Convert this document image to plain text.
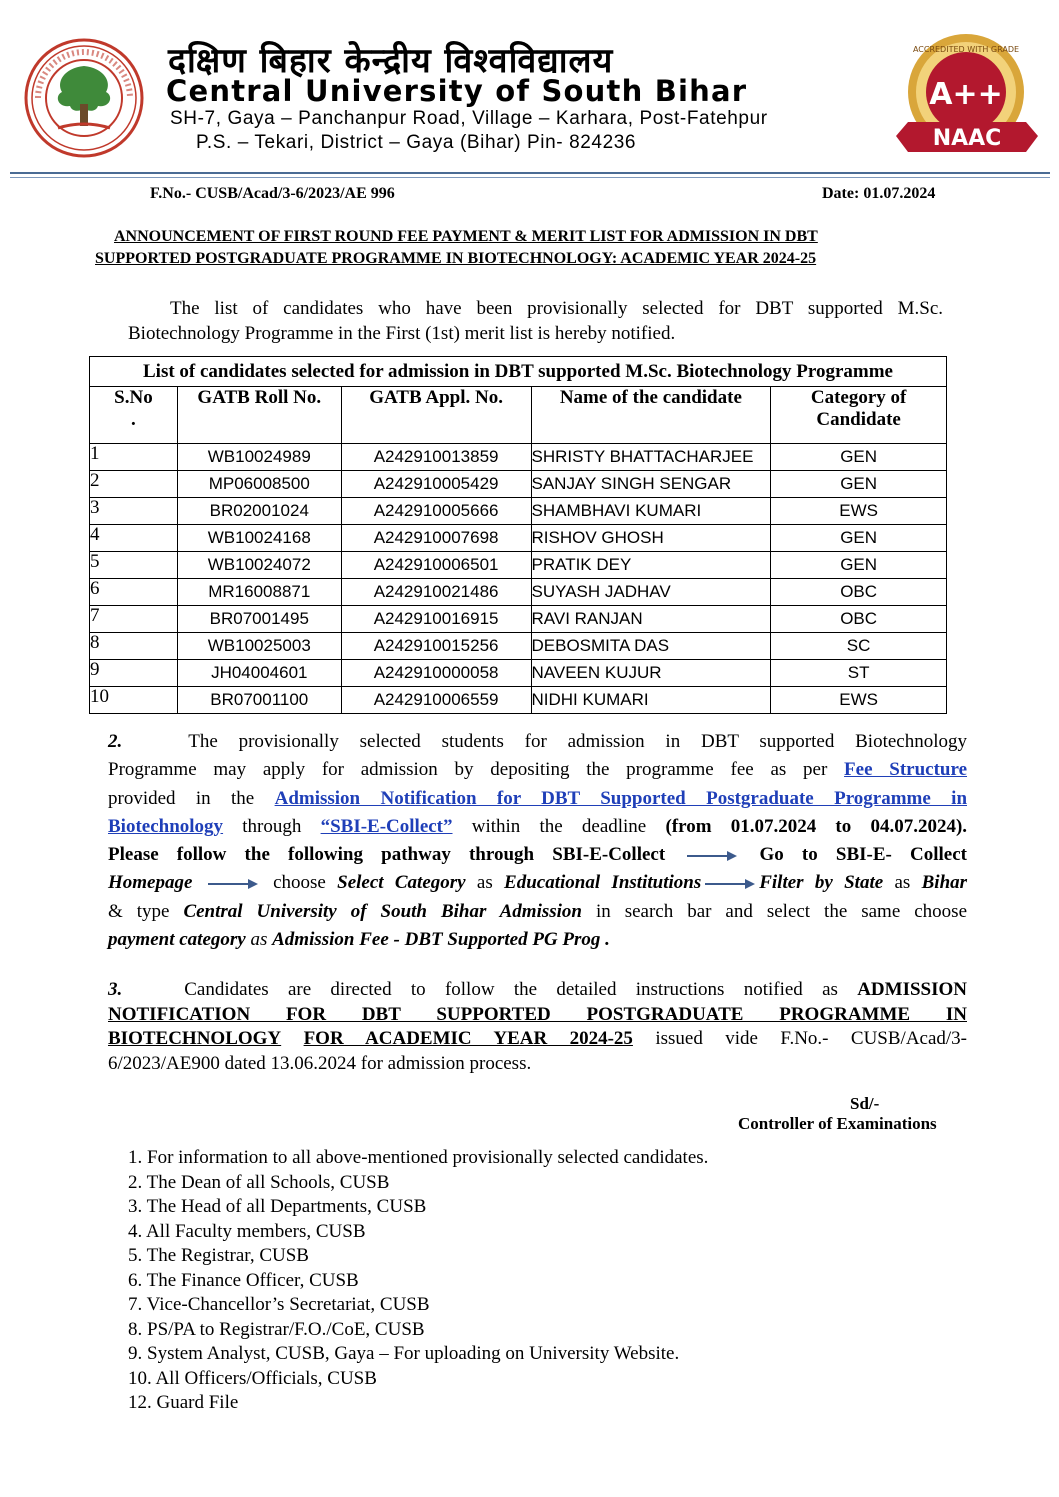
दक्षिण बिहार केन्द्रीय विश्वविद्यालय
Central University of South Bihar
SH-7, Gaya – Panchanpur Road, Village – Karhara, Post-Fatehpur
P.S. – Tekari, District – Gaya (Bihar) Pin- 824236
ACCREDITED WITH GRADE
A++
NAAC
F.No.- CUSB/Acad/3-6/2023/AE 996	Date: 01.07.2024
ANNOUNCEMENT OF FIRST ROUND FEE PAYMENT & MERIT LIST FOR ADMISSION IN DBT
SUPPORTED POSTGRADUATE PROGRAMME IN BIOTECHNOLOGY: ACADEMIC YEAR 2024-25
The list of candidates who have been provisionally selected for DBT supported M.Sc.
Biotechnology Programme in the First (1st) merit list is hereby notified.
List of candidates selected for admission in DBT supported M.Sc. Biotechnology Programme				
S.No
.	GATB Roll No.	GATB Appl. No.	Name of the candidate	Category of
Candidate
1	WB10024989	A242910013859	SHRISTY BHATTACHARJEE	GEN
2	MP06008500	A242910005429	SANJAY SINGH SENGAR	GEN
3	BR02001024	A242910005666	SHAMBHAVI KUMARI	EWS
4	WB10024168	A242910007698	RISHOV GHOSH	GEN
5	WB10024072	A242910006501	PRATIK DEY	GEN
6	MR16008871	A242910021486	SUYASH JADHAV	OBC
7	BR07001495	A242910016915	RAVI RANJAN	OBC
8	WB10025003	A242910015256	DEBOSMITA DAS	SC
9	JH04004601	A242910000058	NAVEEN KUJUR	ST
10	BR07001100	A242910006559	NIDHI KUMARI	EWS
2.	The provisionally selected students for admission in DBT supported Biotechnology
Programme may apply for admission by depositing the programme fee as per Fee Structure
provided in the Admission Notification for DBT Supported Postgraduate Programme in
Biotechnology through “SBI-E-Collect” within the deadline (from 01.07.2024 to 04.07.2024).
Please follow the following pathway through SBI-E-Collect	Go to SBI-E- Collect
Homepage	choose Select Category as Educational Institutions	Filter by State as Bihar
& type Central University of South Bihar Admission in search bar and select the same choose
payment category as Admission Fee - DBT Supported PG Prog .
3.	Candidates are directed to follow the detailed instructions notified as ADMISSION
NOTIFICATION FOR DBT SUPPORTED POSTGRADUATE PROGRAMME IN
BIOTECHNOLOGY FOR ACADEMIC YEAR 2024-25 issued vide F.No.- CUSB/Acad/3-
6/2023/AE900 dated 13.06.2024 for admission process.
Sd/-
Controller of Examinations
1. For information to all above-mentioned provisionally selected candidates.
2. The Dean of all Schools, CUSB
3. The Head of all Departments, CUSB
4. All Faculty members, CUSB
5. The Registrar, CUSB
6. The Finance Officer, CUSB
7. Vice-Chancellor’s Secretariat, CUSB
8. PS/PA to Registrar/F.O./CoE, CUSB
9. System Analyst, CUSB, Gaya – For uploading on University Website.
10. All Officers/Officials, CUSB
12. Guard File
